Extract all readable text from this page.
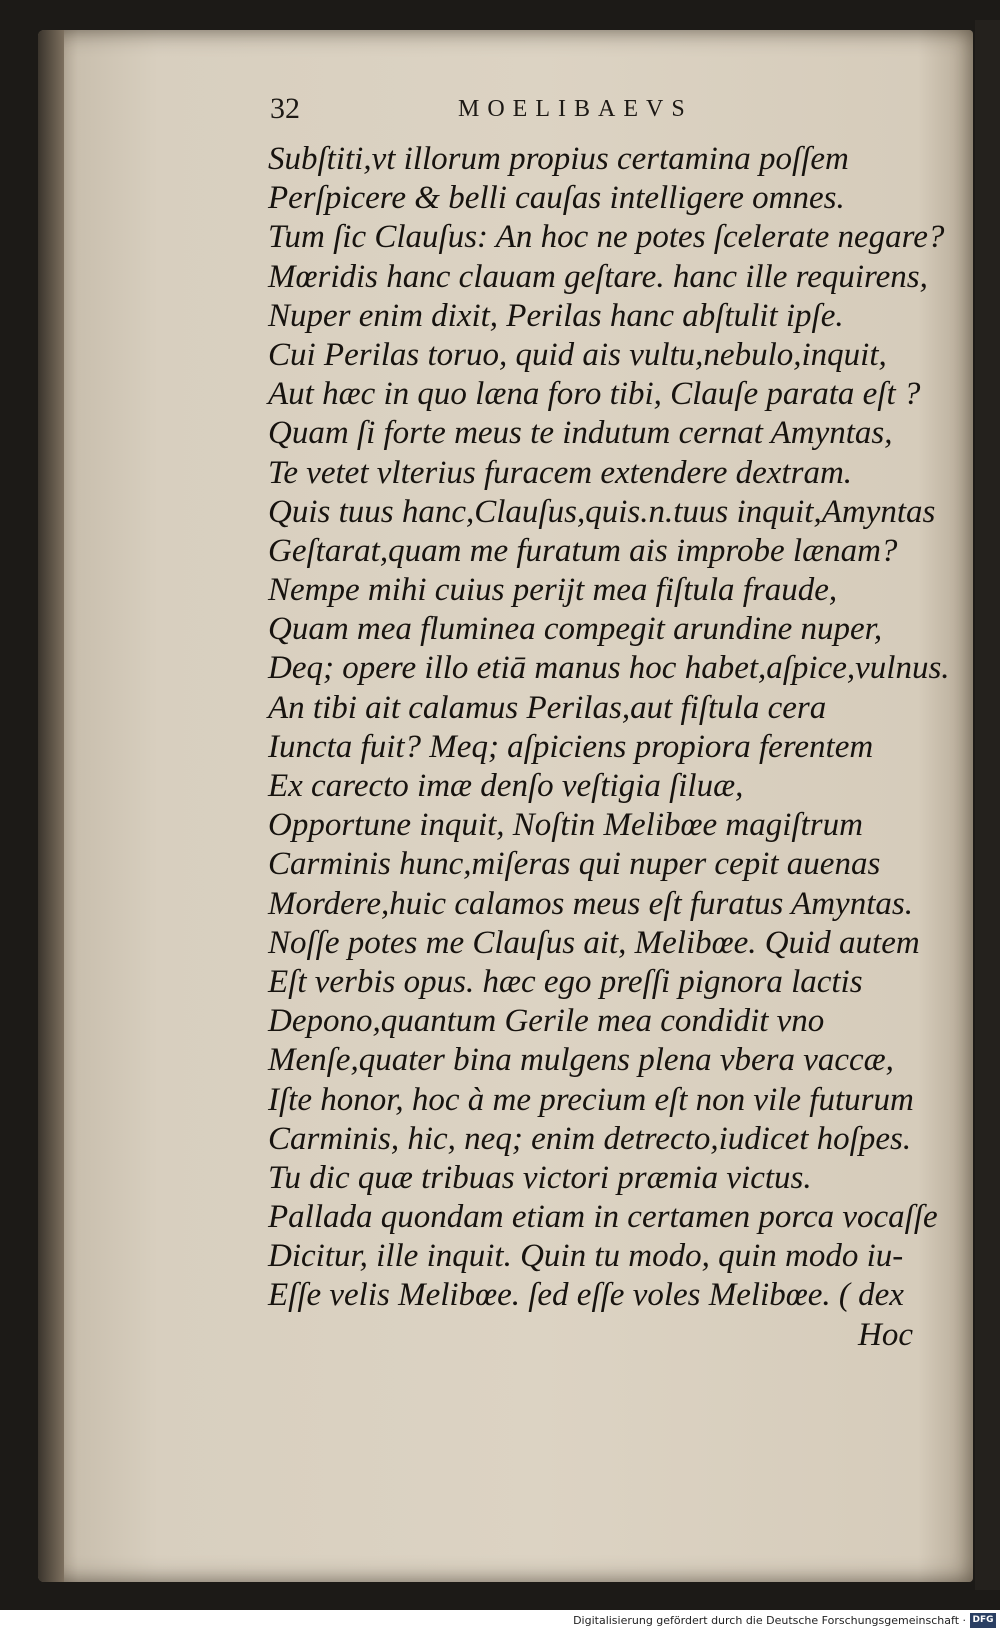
32	MOELIBAEVS
Subſtiti,vt illorum propius certamina poſſem
Perſpicere & belli cauſas intelligere omnes.
Tum ſic Clauſus: An hoc ne potes ſcelerate negare?
Mœridis hanc clauam geſtare. hanc ille requirens,
Nuper enim dixit, Perilas hanc abſtulit ipſe.
Cui Perilas toruo, quid ais vultu,nebulo,inquit,
Aut hæc in quo læna foro tibi, Clauſe parata eſt ?
Quam ſi forte meus te indutum cernat Amyntas,
Te vetet vlterius furacem extendere dextram.
Quis tuus hanc,Clauſus,quis.n.tuus inquit,Amyntas
Geſtarat,quam me furatum ais improbe lænam?
Nempe mihi cuius periјt mea fiſtula fraude,
Quam mea fluminea compegit arundine nuper,
Deq; opere illo etiā manus hoc habet,aſpice,vulnus.
An tibi ait calamus Perilas,aut fiſtula cera
Iuncta fuit? Meq; aſpiciens propiora ferentem
Ex carecto imæ denſo veſtigia ſiluæ,
Opportune inquit, Noſtin Melibœe magiſtrum
Carminis hunc,miſeras qui nuper cepit auenas
Mordere,huic calamos meus eſt furatus Amyntas.
Noſſe potes me Clauſus ait, Melibœe. Quid autem
Eſt verbis opus. hæc ego preſſi pignora lactis
Depono,quantum Gerile mea condidit vno
Menſe,quater bina mulgens plena vbera vaccæ,
Iſte honor, hoc à me precium eſt non vile futurum
Carminis, hic, neq; enim detrecto,iudicet hoſpes.
Tu dic quæ tribuas victori præmia victus.
Pallada quondam etiam in certamen porca vocaſſe
Dicitur, ille inquit. Quin tu modo, quin modo iu-
Eſſe velis Melibœe. ſed eſſe voles Melibœe. ( dex
Hoc
Digitalisierung gefördert durch die Deutsche Forschungsgemeinschaft · DFG
